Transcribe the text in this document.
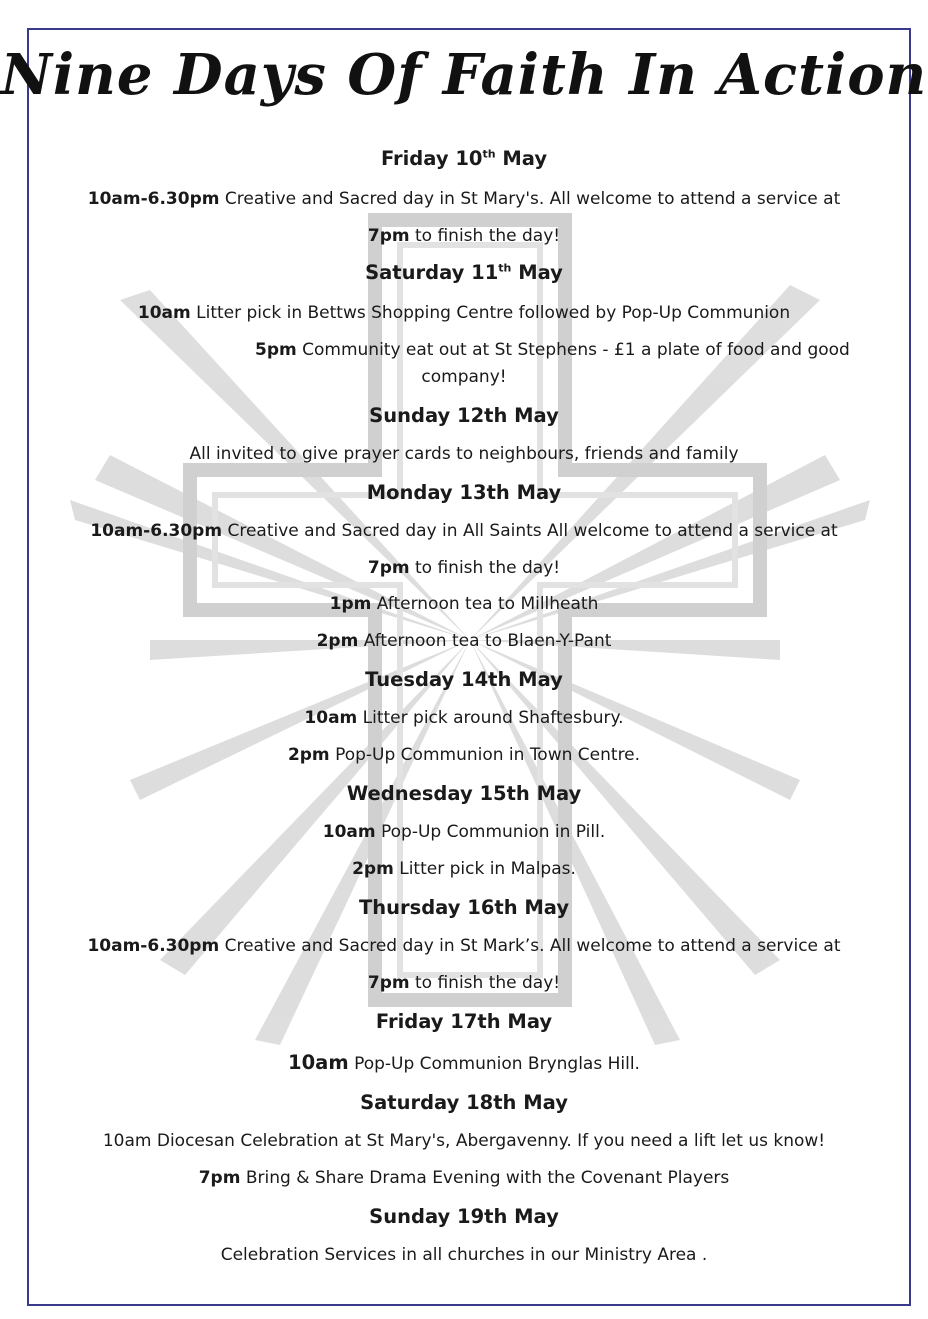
Nine Days Of Faith In Action
Friday 10th May
10am-6.30pm Creative and Sacred day in St Mary's. All welcome to attend a service at
7pm to finish the day!
Saturday 11th May
10am Litter pick in Bettws Shopping Centre followed by Pop-Up Communion
5pm Community eat out at St Stephens - £1 a plate of food and good
company!
Sunday 12th May
All invited to give prayer cards to neighbours, friends and family
Monday 13th May
10am-6.30pm Creative and Sacred day in All Saints All welcome to attend a service at
7pm to finish the day!
1pm Afternoon tea to Millheath
2pm Afternoon tea to Blaen-Y-Pant
Tuesday 14th May
10am Litter pick around Shaftesbury.
2pm Pop-Up Communion in Town Centre.
Wednesday 15th May
10am Pop-Up Communion in Pill.
2pm Litter pick in Malpas.
Thursday 16th May
10am-6.30pm Creative and Sacred day in St Mark’s. All welcome to attend a service at
7pm to finish the day!
Friday 17th May
10am Pop-Up Communion Brynglas Hill.
Saturday 18th May
10am Diocesan Celebration at St Mary's, Abergavenny. If you need a lift let us know!
7pm Bring & Share Drama Evening with the Covenant Players
Sunday 19th May
Celebration Services in all churches in our Ministry Area .
